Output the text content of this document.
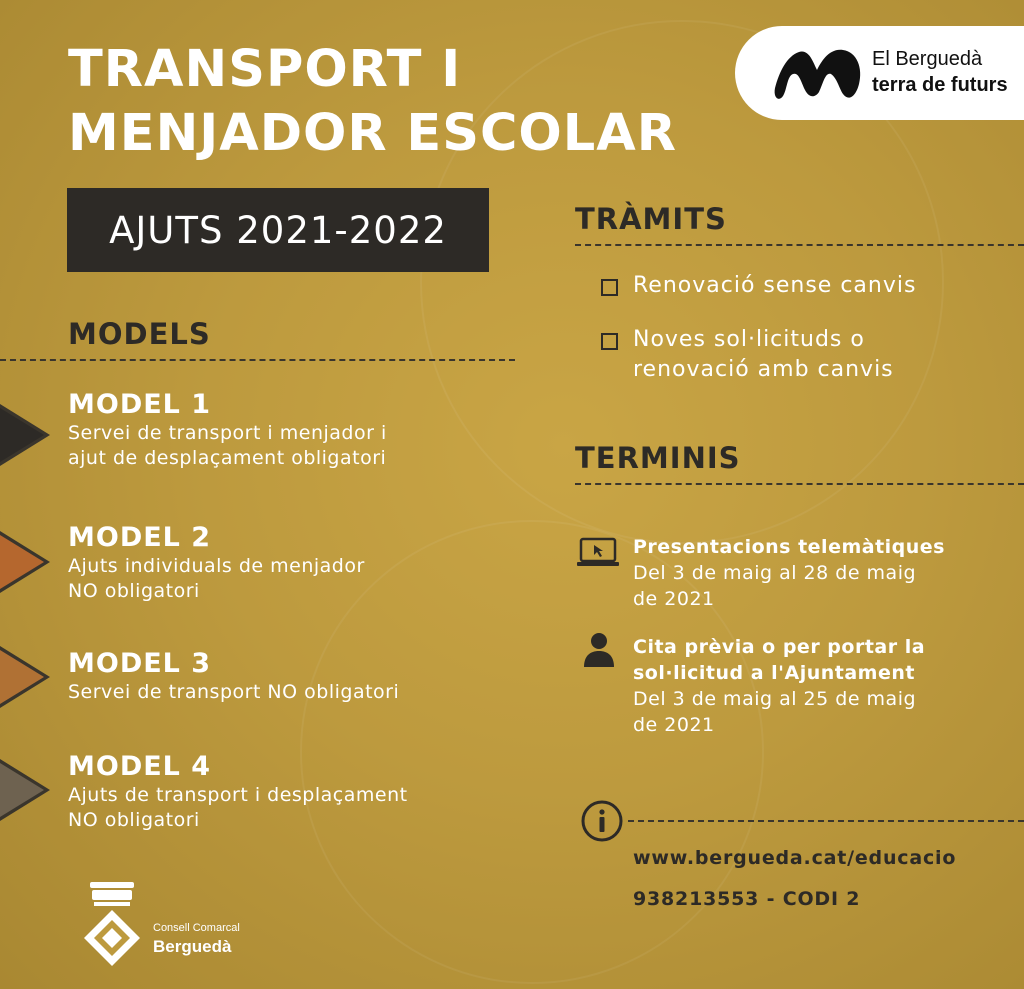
TRANSPORT I
MENJADOR ESCOLAR
El Berguedà
terra de futurs
AJUTS 2021-2022
MODELS
MODEL 1
Servei de transport i menjador i
ajut de desplaçament obligatori
MODEL 2
Ajuts individuals de menjador
NO obligatori
MODEL 3
Servei de transport NO obligatori
MODEL 4
Ajuts de transport i desplaçament
NO obligatori
TRÀMITS
Renovació sense canvis
Noves sol·licituds o
renovació amb canvis
TERMINIS
Presentacions telemàtiques
Del 3 de maig al 28 de maig
de 2021
Cita prèvia o per portar la
sol·licitud a l'Ajuntament
Del 3 de maig al 25 de maig
de 2021
www.bergueda.cat/educacio
938213553 - CODI 2
Consell Comarcal
Berguedà
